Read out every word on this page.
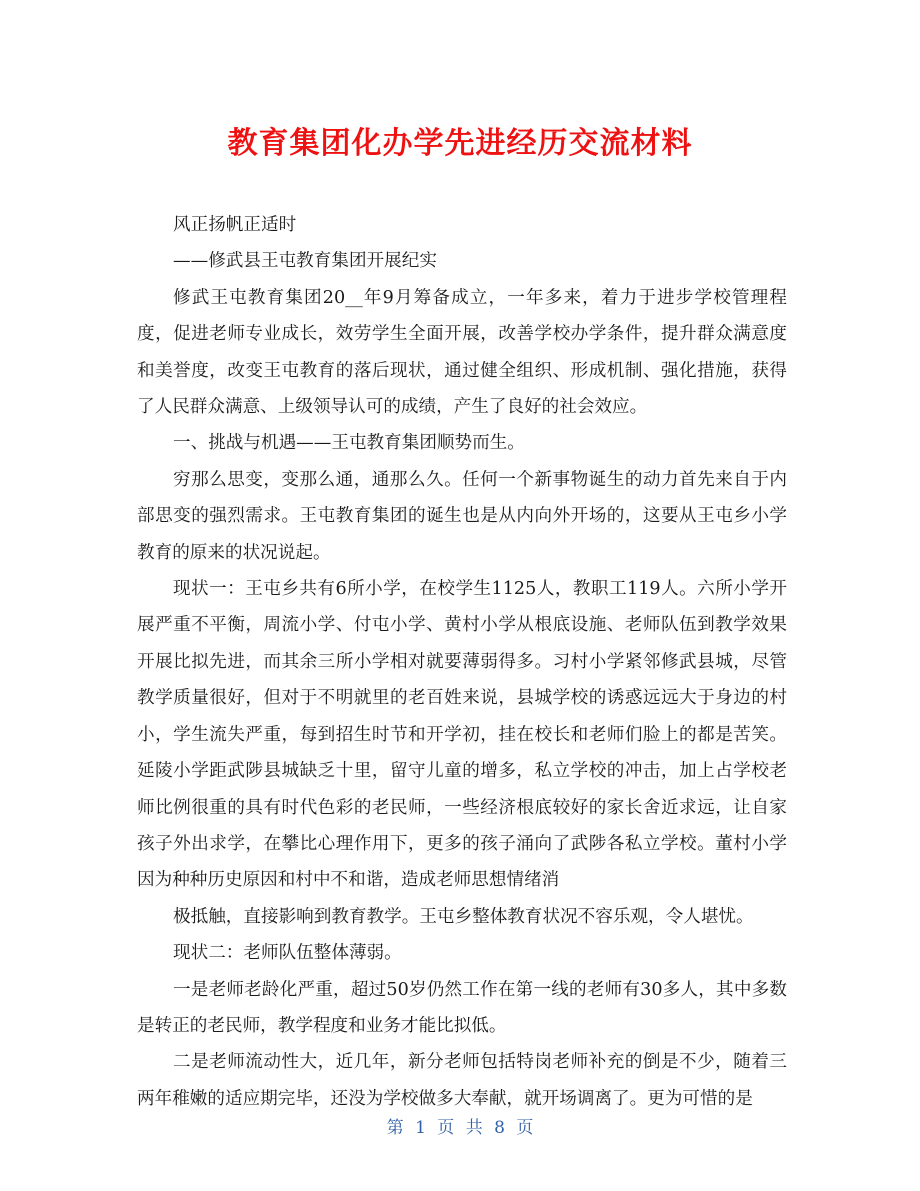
教育集团化办学先进经历交流材料

风正扬帆正适时

——修武县王屯教育集团开展纪实

修武王屯教育集团20__年9月筹备成立，一年多来，着力于进步学校管理程度，促进老师专业成长，效劳学生全面开展，改善学校办学条件，提升群众满意度和美誉度，改变王屯教育的落后现状，通过健全组织、形成机制、强化措施，获得了人民群众满意、上级领导认可的成绩，产生了良好的社会效应。

一、挑战与机遇——王屯教育集团顺势而生。

穷那么思变，变那么通，通那么久。任何一个新事物诞生的动力首先来自于内部思变的强烈需求。王屯教育集团的诞生也是从内向外开场的，这要从王屯乡小学教育的原来的状况说起。

现状一：王屯乡共有6所小学，在校学生1125人，教职工119人。六所小学开展严重不平衡，周流小学、付屯小学、黄村小学从根底设施、老师队伍到教学效果开展比拟先进，而其余三所小学相对就要薄弱得多。习村小学紧邻修武县城，尽管教学质量很好，但对于不明就里的老百姓来说，县城学校的诱惑远远大于身边的村小，学生流失严重，每到招生时节和开学初，挂在校长和老师们脸上的都是苦笑。延陵小学距武陟县城缺乏十里，留守儿童的增多，私立学校的冲击，加上占学校老师比例很重的具有时代色彩的老民师，一些经济根底较好的家长舍近求远，让自家孩子外出求学，在攀比心理作用下，更多的孩子涌向了武陟各私立学校。董村小学因为种种历史原因和村中不和谐，造成老师思想情绪消

极抵触，直接影响到教育教学。王屯乡整体教育状况不容乐观，令人堪忧。

现状二：老师队伍整体薄弱。

一是老师老龄化严重，超过50岁仍然工作在第一线的老师有30多人，其中多数是转正的老民师，教学程度和业务才能比拟低。

二是老师流动性大，近几年，新分老师包括特岗老师补充的倒是不少，随着三两年稚嫩的适应期完毕，还没为学校做多大奉献，就开场调离了。更为可惜的是

第 1 页 共 8 页
